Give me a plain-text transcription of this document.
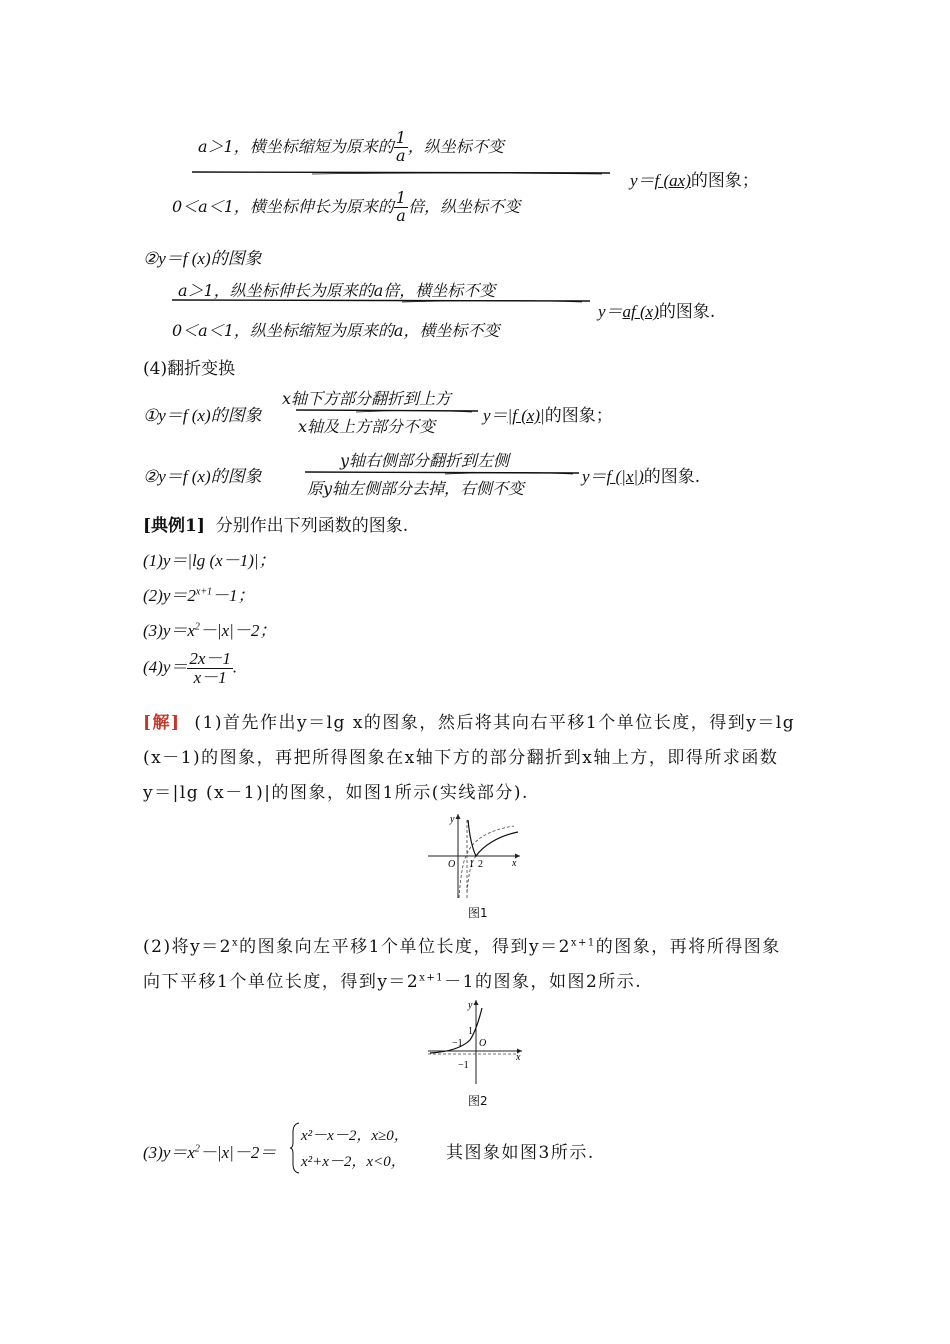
a＞1，横坐标缩短为原来的 $\frac{1}{a}$ ，纵坐标不变
y＝f (ax)的图象；
0＜a＜1，横坐标伸长为原来的 $\frac{1}{a}$ 倍，纵坐标不变
②y＝f (x)的图象
a＞1，纵坐标伸长为原来的a倍，横坐标不变
y＝af (x)的图象.
0＜a＜1，纵坐标缩短为原来的a，横坐标不变
(4)翻折变换
①y＝f (x)的图象
x轴下方部分翻折到上方
x轴及上方部分不变
y＝|f (x)|的图象；
②y＝f (x)的图象
y轴右侧部分翻折到左侧
原y轴左侧部分去掉，右侧不变
y＝f (|x|)的图象.
[典例1] 分别作出下列函数的图象.
(1)y＝|lg (x－1)|；
$(2)y=2^{x+1}-1$；
$(3)y=x^2-|x|-2$；
$(4)y= \frac{2x-1}{x-1}$ .
[解] (1)首先作出y＝lg x的图象，然后将其向右平移1个单位长度，得到y＝lg
(x－1)的图象，再把所得图象在x轴下方的部分翻折到x轴上方，即得所求函数
y＝|lg (x－1)|的图象，如图1所示(实线部分).
y
x
O 1 2
图1
(2)将$y=2^x$的图象向左平移1个单位长度，得到$y=2^{x+1}$的图象，再将所得图象
向下平移1个单位长度，得到$y=2^{x+1}-1$的图象，如图2所示.
y
x
O
−1
1
−1
图2
$(3)y=x^2-|x|-2=$
x²－x－2，x≥0，
x²+x－2，x<0， 其图象如图3所示.
